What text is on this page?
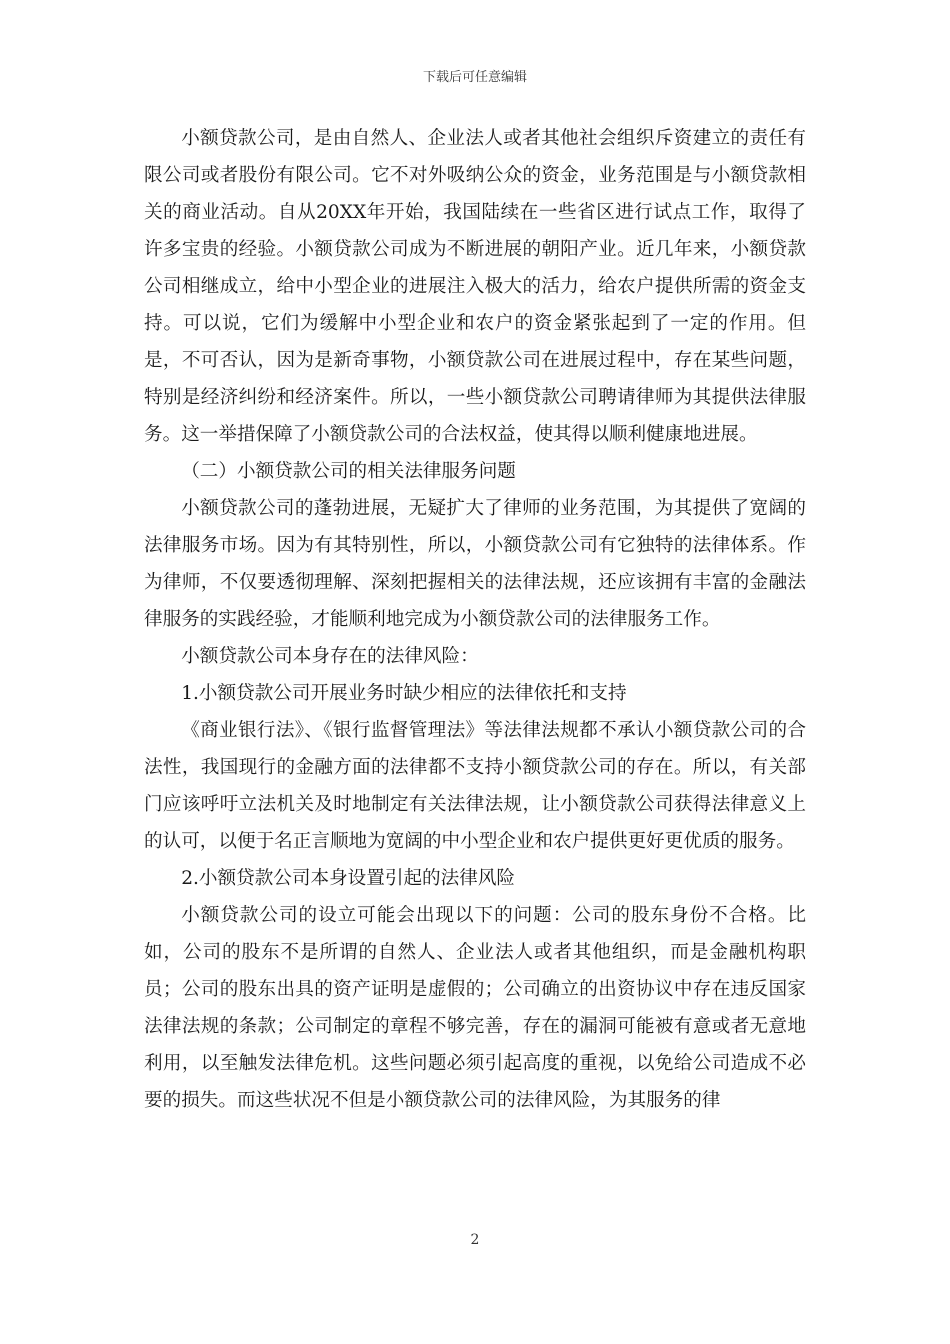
下载后可任意编辑

小额贷款公司，是由自然人、企业法人或者其他社会组织斥资建立的责任有限公司或者股份有限公司。它不对外吸纳公众的资金，业务范围是与小额贷款相关的商业活动。自从20XX年开始，我国陆续在一些省区进行试点工作，取得了许多宝贵的经验。小额贷款公司成为不断进展的朝阳产业。近几年来，小额贷款公司相继成立，给中小型企业的进展注入极大的活力，给农户提供所需的资金支持。可以说，它们为缓解中小型企业和农户的资金紧张起到了一定的作用。但是，不可否认，因为是新奇事物，小额贷款公司在进展过程中，存在某些问题，特别是经济纠纷和经济案件。所以，一些小额贷款公司聘请律师为其提供法律服务。这一举措保障了小额贷款公司的合法权益，使其得以顺利健康地进展。

（二）小额贷款公司的相关法律服务问题

小额贷款公司的蓬勃进展，无疑扩大了律师的业务范围，为其提供了宽阔的法律服务市场。因为有其特别性，所以，小额贷款公司有它独特的法律体系。作为律师，不仅要透彻理解、深刻把握相关的法律法规，还应该拥有丰富的金融法律服务的实践经验，才能顺利地完成为小额贷款公司的法律服务工作。

小额贷款公司本身存在的法律风险：

1.小额贷款公司开展业务时缺少相应的法律依托和支持

《商业银行法》、《银行监督管理法》等法律法规都不承认小额贷款公司的合法性，我国现行的金融方面的法律都不支持小额贷款公司的存在。所以，有关部门应该呼吁立法机关及时地制定有关法律法规，让小额贷款公司获得法律意义上的认可，以便于名正言顺地为宽阔的中小型企业和农户提供更好更优质的服务。

2.小额贷款公司本身设置引起的法律风险

小额贷款公司的设立可能会出现以下的问题：公司的股东身份不合格。比如，公司的股东不是所谓的自然人、企业法人或者其他组织，而是金融机构职员；公司的股东出具的资产证明是虚假的；公司确立的出资协议中存在违反国家法律法规的条款；公司制定的章程不够完善，存在的漏洞可能被有意或者无意地利用，以至触发法律危机。这些问题必须引起高度的重视，以免给公司造成不必要的损失。而这些状况不但是小额贷款公司的法律风险，为其服务的律

2
